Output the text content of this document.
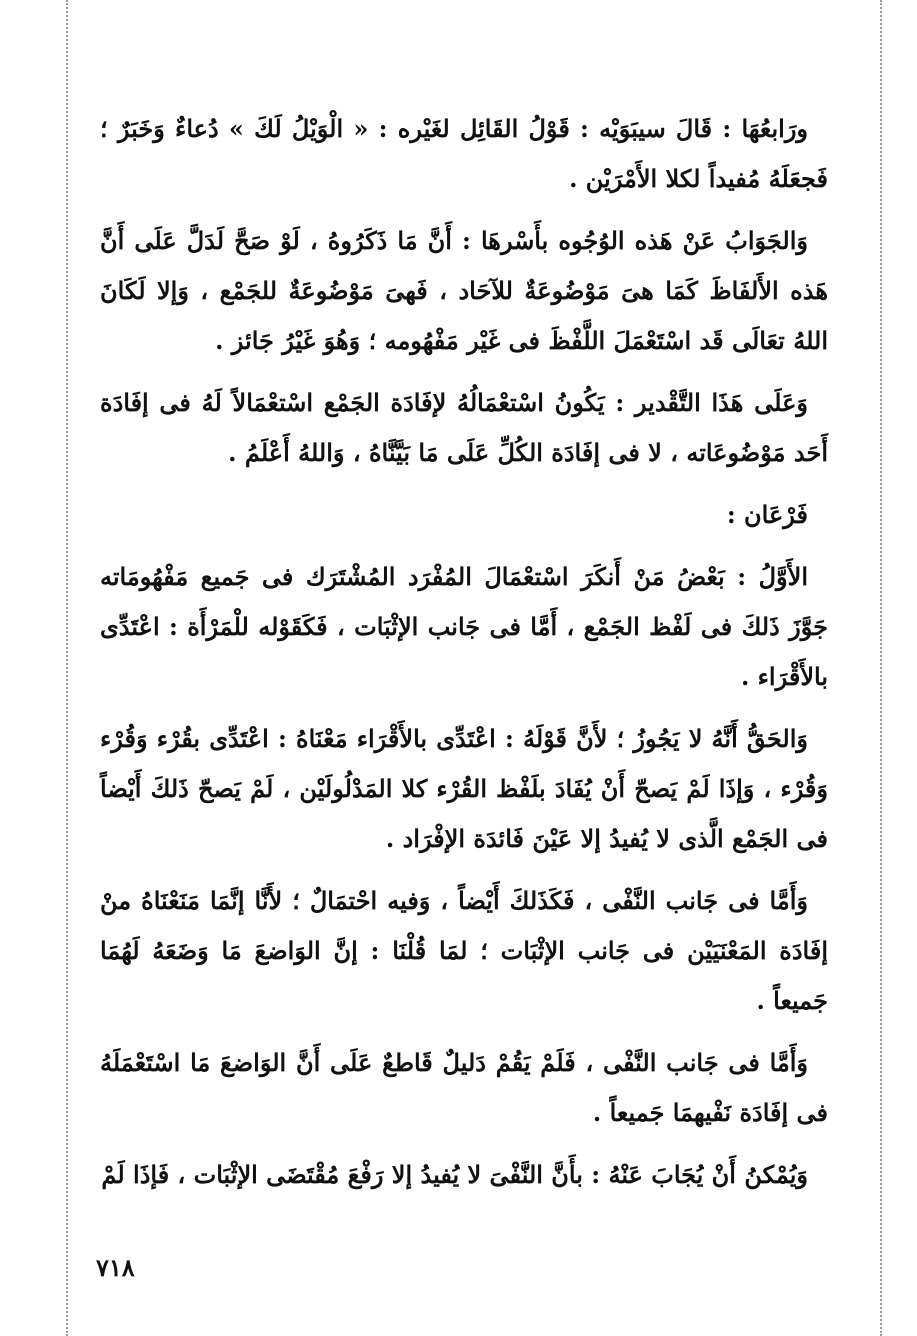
ورَابعُهَا : قَالَ سيبَوَيْه : قَوْلُ القَائِل لغَيْره : « الْوَيْلُ لَكَ » دُعاءٌ وَخَبَرٌ ؛ فَجعَلَهُ مُفيداً لكلا الأَمْرَيْن .

وَالجَوَابُ عَنْ هَذه الوُجُوه بأَسْرهَا : أَنَّ مَا ذَكَرُوهُ ، لَوْ صَحَّ لَدَلَّ عَلَى أَنَّ هَذه الأَلفَاظَ كَمَا هىَ مَوْضُوعَةٌ للآحَاد ، فَهىَ مَوْضُوعَةٌ للجَمْع ، وَإلا لَكَانَ اللهُ تعَالَى قَد اسْتَعْمَلَ اللَّفْظَ فى غَيْر مَفْهُومه ؛ وَهُوَ غَيْرُ جَائز .

وَعَلَى هَذَا التَّقْدير : يَكُونُ اسْتعْمَالُهُ لإفَادَة الجَمْع اسْتعْمَالاً لَهُ فى إفَادَة أَحَد مَوْضُوعَاته ، لا فى إفَادَة الكُلِّ عَلَى مَا بَيَّنَّاهُ ، وَاللهُ أَعْلَمُ .

فَرْعَان :

الأَوَّلُ : بَعْضُ مَنْ أَنكَرَ اسْتعْمَالَ المُفْرَد المُشْتَرَك فى جَميع مَفْهُومَاته جَوَّزَ ذَلكَ فى لَفْظ الجَمْع ، أَمَّا فى جَانب الإثْبَات ، فَكَقَوْله للْمَرْأَة : اعْتَدِّى بالأَقْرَاء .

وَالحَقُّ أَنَّهُ لا يَجُوزُ ؛ لأَنَّ قَوْلَهُ : اعْتَدِّى بالأَقْرَاء مَعْنَاهُ : اعْتَدِّى بقُرْء وَقُرْء وَقُرْء ، وَإذَا لَمْ يَصحّ أَنْ يُفَادَ بلَفْظ القُرْء كلا المَدْلُولَيْن ، لَمْ يَصحّ ذَلكَ أَيْضاً فى الجَمْع الَّذى لا يُفيدُ إلا عَيْنَ فَائدَة الإفْرَاد .

وَأَمَّا فى جَانب النَّفْى ، فَكَذَلكَ أَيْضاً ، وَفيه احْتمَالٌ ؛ لأَنَّا إنَّمَا مَنَعْنَاهُ منْ إفَادَة المَعْنَيَيْن فى جَانب الإثْبَات ؛ لمَا قُلْنَا : إنَّ الوَاضعَ مَا وَضَعَهُ لَهُمَا جَميعاً .

وَأَمَّا فى جَانب النَّفْى ، فَلَمْ يَقُمْ دَليلٌ قَاطعٌ عَلَى أَنَّ الوَاضعَ مَا اسْتَعْمَلَهُ فى إفَادَة نَفْيهمَا جَميعاً .

وَيُمْكنُ أَنْ يُجَابَ عَنْهُ : بأَنَّ النَّفْىَ لا يُفيدُ إلا رَفْعَ مُقْتَضَى الإثْبَات ، فَإذَا لَمْ

٧١٨
